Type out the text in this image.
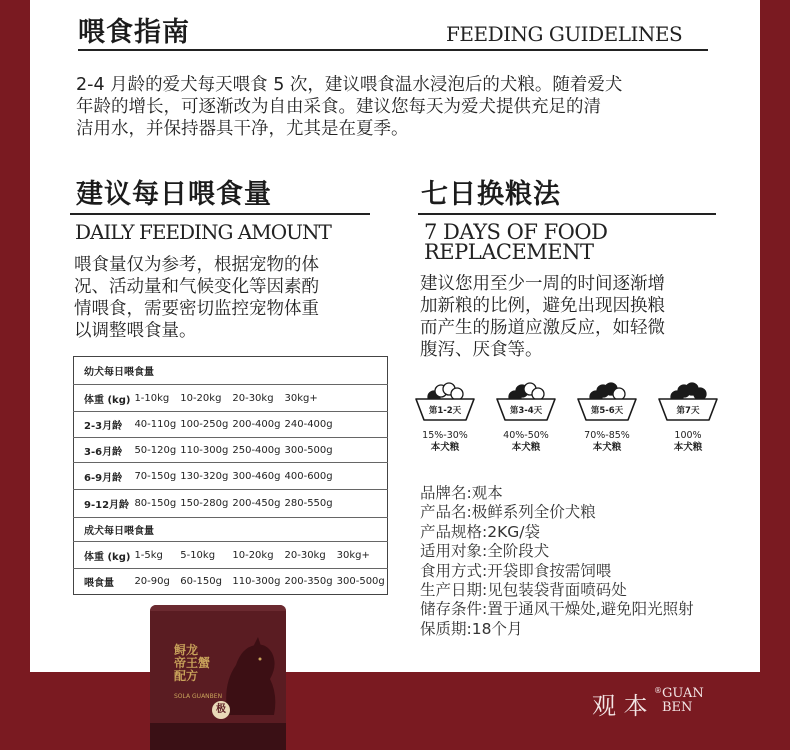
喂食指南	FEEDING GUIDELINES
2-4 月龄的爱犬每天喂食 5 次，建议喂食温水浸泡后的犬粮。随着爱犬
年龄的增长，可逐渐改为自由采食。建议您每天为爱犬提供充足的清
洁用水，并保持器具干净，尤其是在夏季。
建议每日喂食量
DAILY FEEDING AMOUNT
喂食量仅为参考，根据宠物的体
况、活动量和气候变化等因素酌
情喂食，需要密切监控宠物体重
以调整喂食量。
幼犬每日喂食量					
体重 (kg)	1-10kg	10-20kg	20-30kg	30kg+	
2-3月龄	40-110g	100-250g	200-400g	240-400g	
3-6月龄	50-120g	110-300g	250-400g	300-500g	
6-9月龄	70-150g	130-320g	300-460g	400-600g	
9-12月龄	80-150g	150-280g	200-450g	280-550g	
成犬每日喂食量					
体重 (kg)	1-5kg	5-10kg	10-20kg	20-30kg	30kg+
喂食量	20-90g	60-150g	110-300g	200-350g	300-500g
七日换粮法
7 DAYS OF FOOD
REPLACEMENT
建议您用至少一周的时间逐渐增
加新粮的比例，避免出现因换粮
而产生的肠道应激反应，如轻微
腹泻、厌食等。
第1-2天
15%-30%
本犬粮
第3-4天
40%-50%
本犬粮
第5-6天
70%-85%
本犬粮
第7天
100%
本犬粮
品牌名:观本
产品名:极鲜系列全价犬粮
产品规格:2KG/袋
适用对象:全阶段犬
食用方式:开袋即食按需饲喂
生产日期:见包装袋背面喷码处
储存条件:置于通风干燥处,避免阳光照射
保质期:18个月
鲟龙
帝王蟹
配方
SOLA GUANBEN
极	观 本
® GUAN
BEN
